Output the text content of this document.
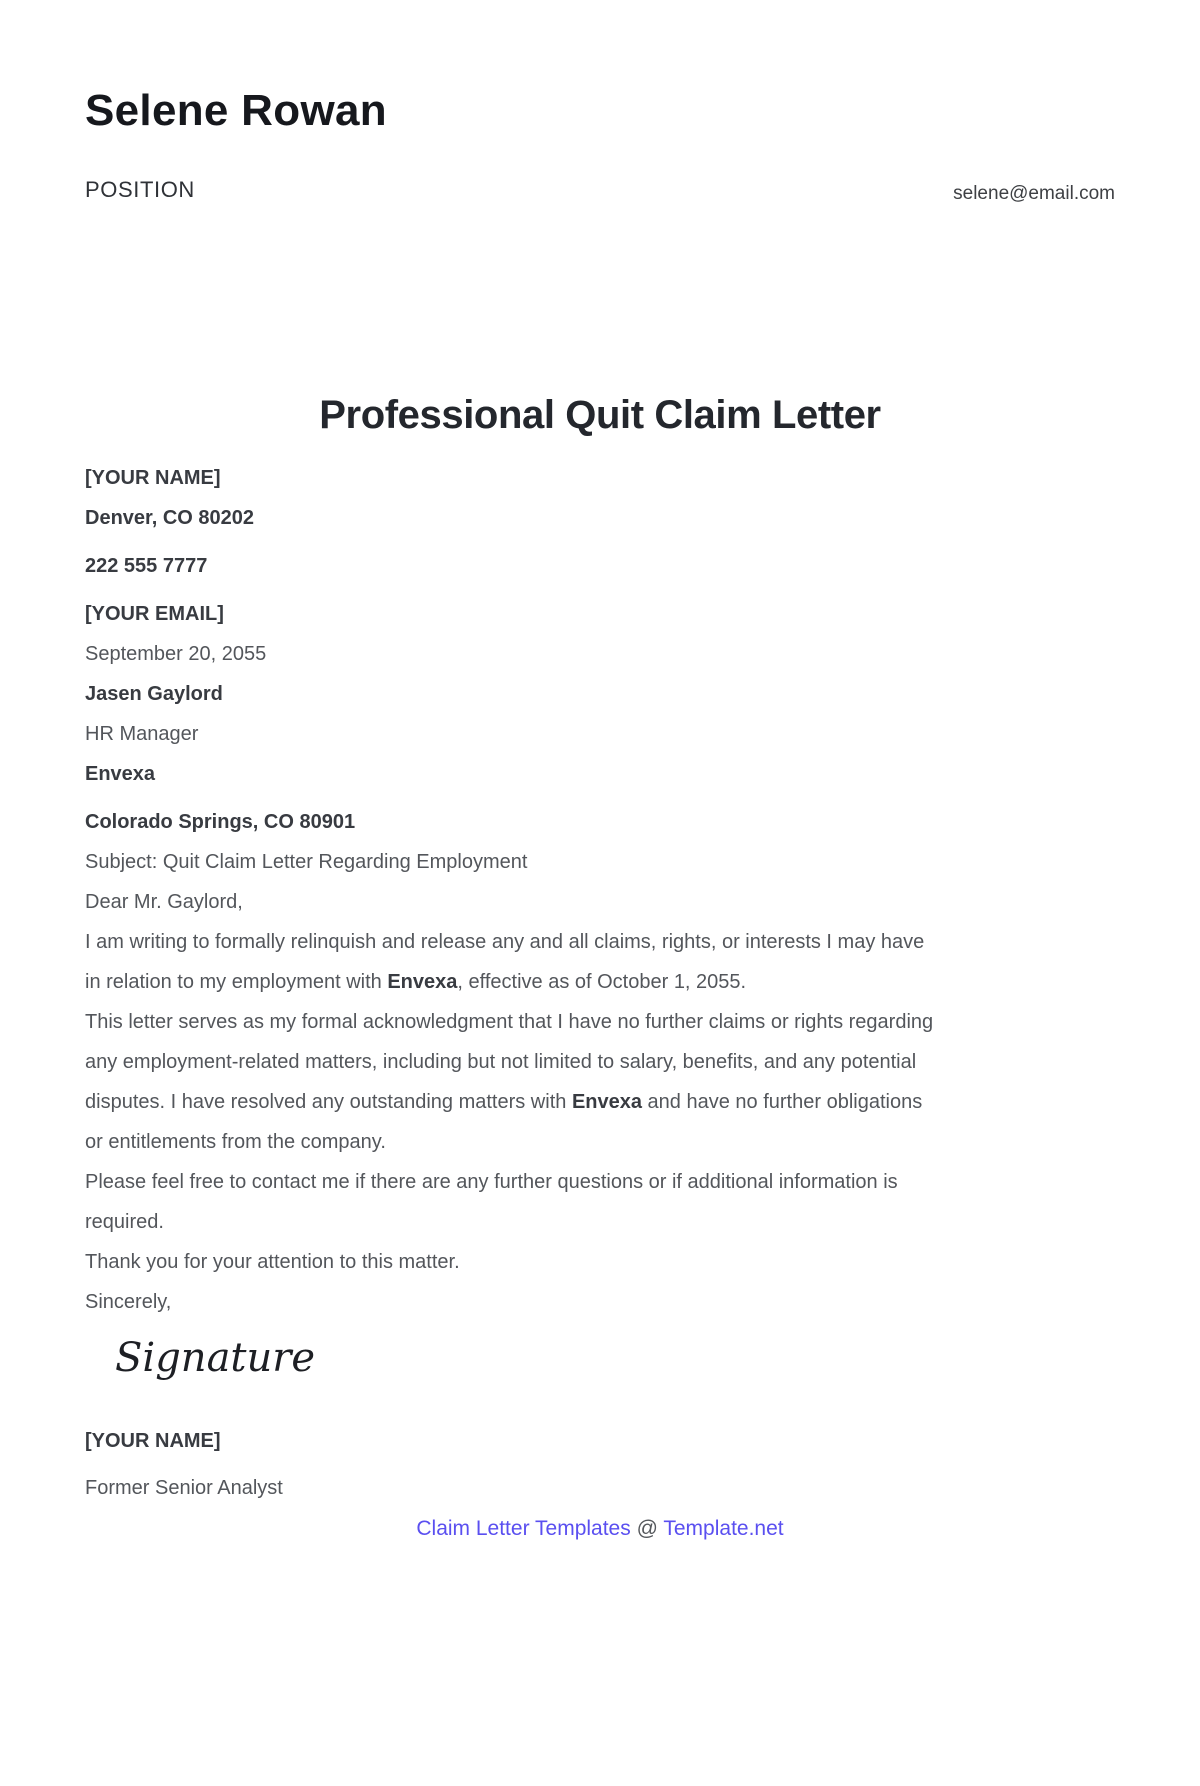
Selene Rowan
POSITION	selene@email.com
Professional Quit Claim Letter
[YOUR NAME]
Denver, CO 80202
222 555 7777
[YOUR EMAIL]
September 20, 2055
Jasen Gaylord
HR Manager
Envexa
Colorado Springs, CO 80901
Subject: Quit Claim Letter Regarding Employment
Dear Mr. Gaylord,
I am writing to formally relinquish and release any and all claims, rights, or interests I may have
in relation to my employment with Envexa, effective as of October 1, 2055.
This letter serves as my formal acknowledgment that I have no further claims or rights regarding
any employment-related matters, including but not limited to salary, benefits, and any potential
disputes. I have resolved any outstanding matters with Envexa and have no further obligations
or entitlements from the company.
Please feel free to contact me if there are any further questions or if additional information is
required.
Thank you for your attention to this matter.
Sincerely,
Signature
[YOUR NAME]
Former Senior Analyst
Claim Letter Templates @ Template.net
